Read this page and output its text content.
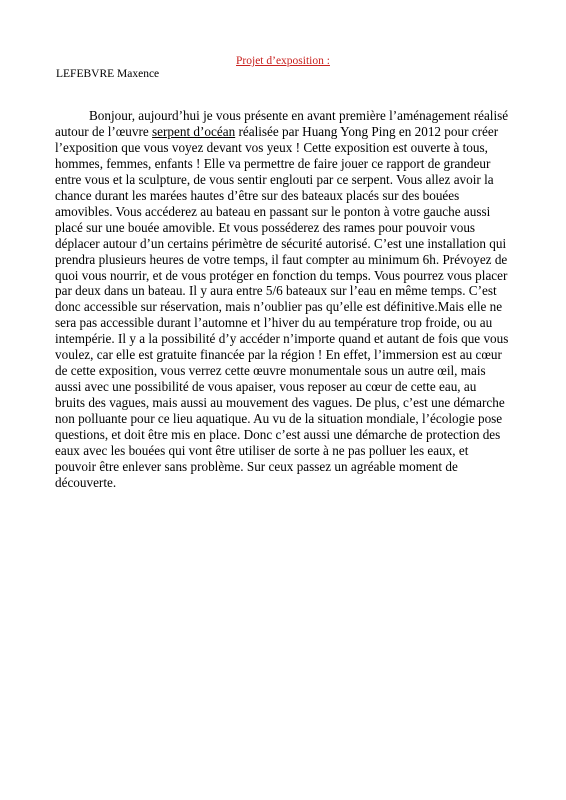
Projet d’exposition :
LEFEBVRE Maxence
Bonjour, aujourd’hui je vous présente en avant première l’aménagement réalisé
autour de l’œuvre serpent d’océan réalisée par Huang Yong Ping en 2012 pour créer
l’exposition que vous voyez devant vos yeux ! Cette exposition est ouverte à tous,
hommes, femmes, enfants ! Elle va permettre de faire jouer ce rapport de grandeur
entre vous et la sculpture, de vous sentir englouti par ce serpent. Vous allez avoir la
chance durant les marées hautes d’être sur des bateaux placés sur des bouées
amovibles. Vous accéderez au bateau en passant sur le ponton à votre gauche aussi
placé sur une bouée amovible. Et vous posséderez des rames pour pouvoir vous
déplacer autour d’un certains périmètre de sécurité autorisé. C’est une installation qui
prendra plusieurs heures de votre temps, il faut compter au minimum 6h. Prévoyez de
quoi vous nourrir, et de vous protéger en fonction du temps. Vous pourrez vous placer
par deux dans un bateau. Il y aura entre 5/6 bateaux sur l’eau en même temps. C’est
donc accessible sur réservation, mais n’oublier pas qu’elle est définitive.Mais elle ne
sera pas accessible durant l’automne et l’hiver du au température trop froide, ou au
intempérie. Il y a la possibilité d’y accéder n’importe quand et autant de fois que vous
voulez, car elle est gratuite financée par la région ! En effet, l’immersion est au cœur
de cette exposition, vous verrez cette œuvre monumentale sous un autre œil, mais
aussi avec une possibilité de vous apaiser, vous reposer au cœur de cette eau, au
bruits des vagues, mais aussi au mouvement des vagues. De plus, c’est une démarche
non polluante pour ce lieu aquatique. Au vu de la situation mondiale, l’écologie pose
questions, et doit être mis en place. Donc c’est aussi une démarche de protection des
eaux avec les bouées qui vont être utiliser de sorte à ne pas polluer les eaux, et
pouvoir être enlever sans problème. Sur ceux passez un agréable moment de
découverte.
